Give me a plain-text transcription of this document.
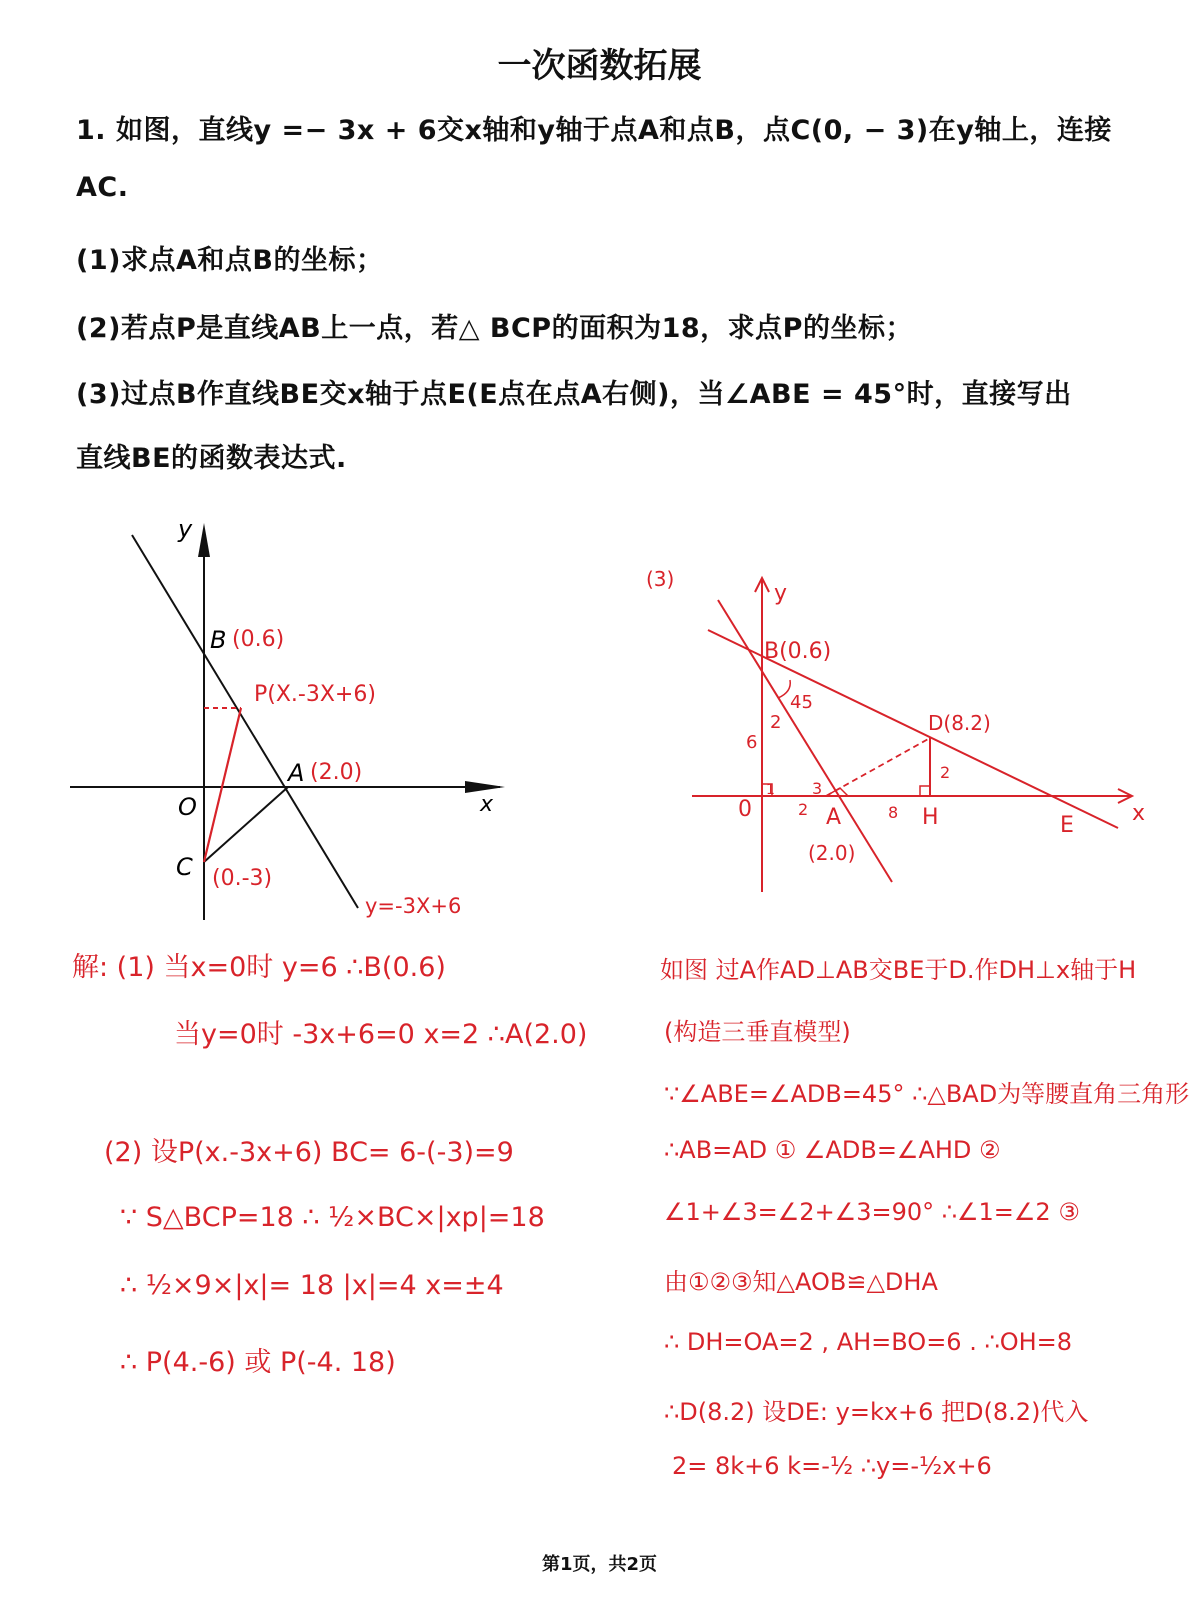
一次函数拓展
1. 如图，直线y =− 3x + 6交x轴和y轴于点A和点B，点C(0, − 3)在y轴上，连接
AC.
(1)求点A和点B的坐标；
(2)若点P是直线AB上一点，若△ BCP的面积为18，求点P的坐标；
(3)过点B作直线BE交x轴于点E(E点在点A右侧)，当∠ABE = 45°时，直接写出
直线BE的函数表达式.
y
x
O
B
A
C
(0.6)
(2.0)
(0.-3)
P(X.-3X+6)
y=-3X+6
(3)
B(0.6)
D(8.2)
45
2
6
0	2
1 3
A
(2.0)
8
2
H	E	x
y
解: (1) 当x=0时 y=6 ∴B(0.6)
当y=0时 -3x+6=0 x=2 ∴A(2.0)
(2) 设P(x.-3x+6) BC= 6-(-3)=9
∵ S△BCP=18 ∴ ½×BC×|xp|=18
∴ ½×9×|x|= 18 |x|=4 x=±4
∴ P(4.-6) 或 P(-4. 18)
如图 过A作AD⊥AB交BE于D.作DH⊥x轴于H
(构造三垂直模型)
∵∠ABE=∠ADB=45° ∴△BAD为等腰直角三角形
∴AB=AD ① ∠ADB=∠AHD ②
∠1+∠3=∠2+∠3=90° ∴∠1=∠2 ③
由①②③知△AOB≌△DHA
∴ DH=OA=2 , AH=BO=6 . ∴OH=8
∴D(8.2) 设DE: y=kx+6 把D(8.2)代入
2= 8k+6 k=-½ ∴y=-½x+6
第1页，共2页
